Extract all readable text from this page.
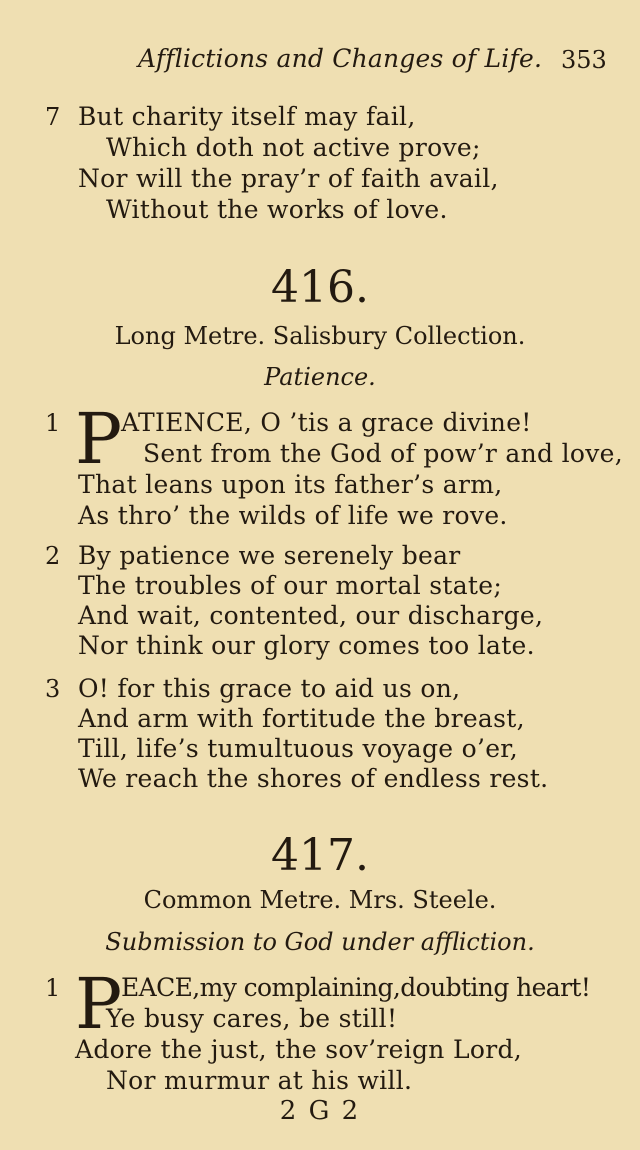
Afflictions and Changes of Life. 353
7 But charity itself may fail,
Which doth not active prove;
Nor will the pray’r of faith avail,
Without the works of love.
416.
Long Metre. Salisbury Collection.
Patience.
1 P
ATIENCE, O ’tis a grace divine!
Sent from the God of pow’r and love,
That leans upon its father’s arm,
As thro’ the wilds of life we rove.
2 By patience we serenely bear
The troubles of our mortal state;
And wait, contented, our discharge,
Nor think our glory comes too late.
3 O! for this grace to aid us on,
And arm with fortitude the breast,
Till, life’s tumultuous voyage o’er,
We reach the shores of endless rest.
417.
Common Metre. Mrs. Steele.
Submission to God under affliction.
1 P
EACE,my complaining,doubting heart!
Ye busy cares, be still!
Adore the just, the sov’reign Lord,
Nor murmur at his will.
2 G 2
